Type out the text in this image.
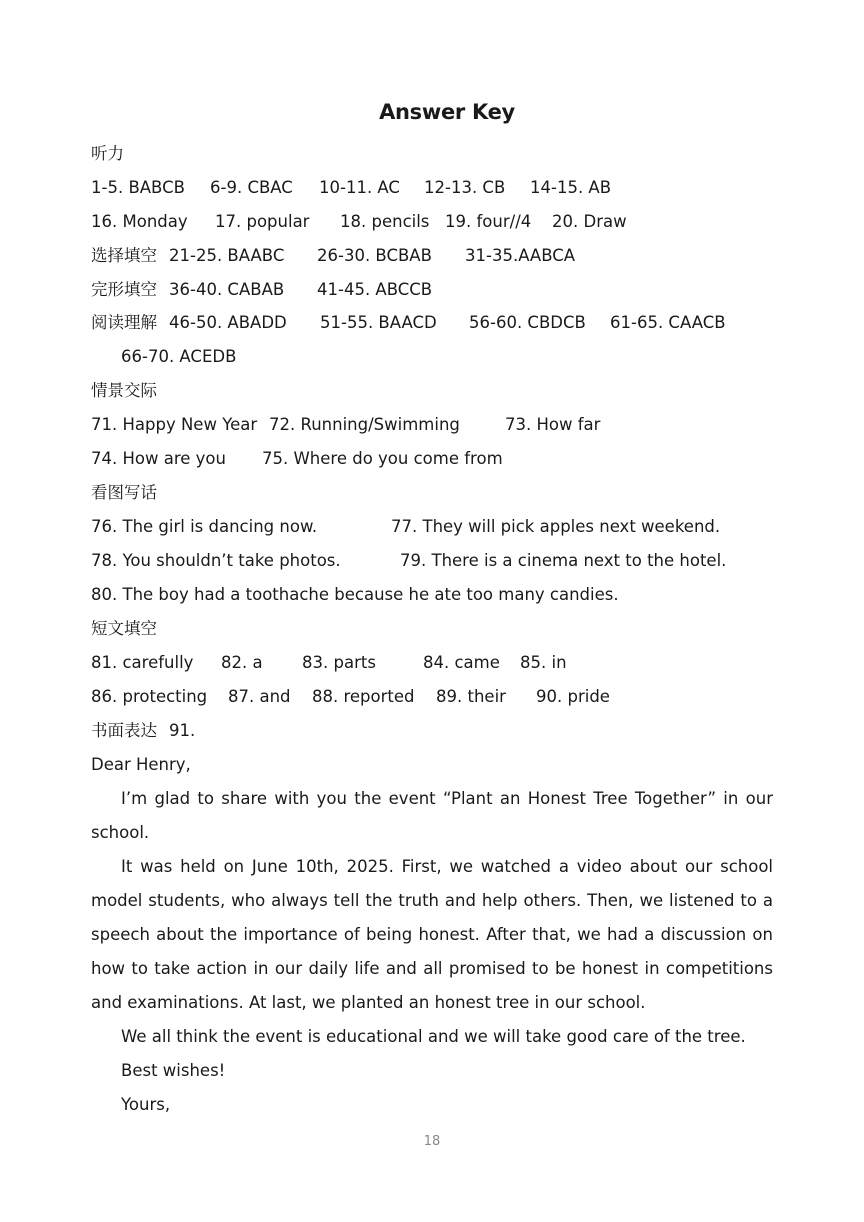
Answer Key
听力
1-5. BABCB 6-9. CBAC 10-11. AC 12-13. CB 14-15. AB
16. Monday 17. popular 18. pencils 19. four//4 20. Draw
选择填空 21-25. BAABC 26-30. BCBAB 31-35.AABCA
完形填空 36-40. CABAB 41-45. ABCCB
阅读理解 46-50. ABADD 51-55. BAACD 56-60. CBDCB 61-65. CAACB
66-70. ACEDB
情景交际
71. Happy New Year 72. Running/Swimming	73. How far
74. How are you 75. Where do you come from
看图写话
76. The girl is dancing now.	77. They will pick apples next weekend.
78. You shouldn’t take photos.	79. There is a cinema next to the hotel.
80. The boy had a toothache because he ate too many candies.
短文填空
81. carefully 82. a 83. parts	84. came 85. in
86. protecting 87. and 88. reported 89. their 90. pride
书面表达 91.
Dear Henry,
I’m glad to share with you the event “Plant an Honest Tree Together” in our school.
It was held on June 10th, 2025. First, we watched a video about our school model students, who always tell the truth and help others. Then, we listened to a speech about the importance of being honest. After that, we had a discussion on how to take action in our daily life and all promised to be honest in competitions and examinations. At last, we planted an honest tree in our school.
We all think the event is educational and we will take good care of the tree.
Best wishes!
Yours,
18
